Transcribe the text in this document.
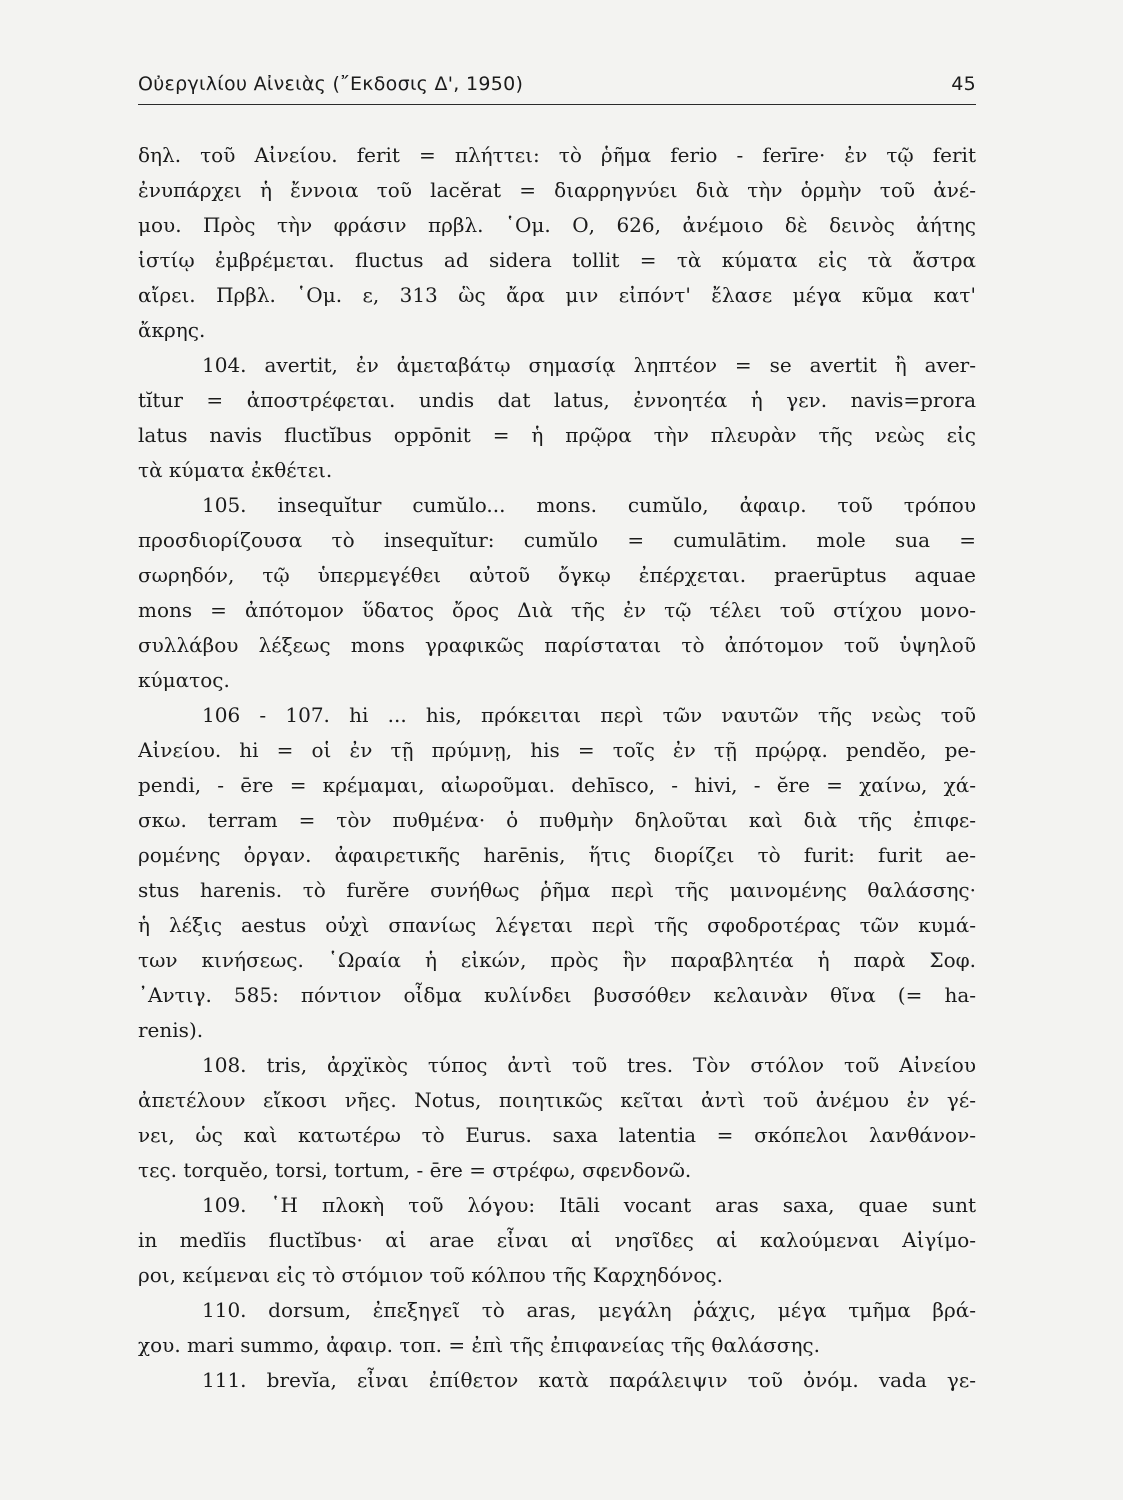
Οὐεργιλίου Αἰνειὰς (῎Εκδοσις Δ', 1950)	45
δηλ. τοῦ Αἰνείου. ferit = πλήττει: τὸ ῥῆμα ferio - ferīre· ἐν τῷ ferit
ἐνυπάρχει ἡ ἔννοια τοῦ lacĕrat = διαρρηγνύει διὰ τὴν ὁρμὴν τοῦ ἀνέ-
μου. Πρὸς τὴν φράσιν πρβλ. ῾Ομ. Ο, 626, ἀνέμοιο δὲ δεινὸς ἀήτης
ἱστίῳ ἐμβρέμεται. fluctus ad sidera tollit = τὰ κύματα εἰς τὰ ἄστρα
αἴρει. Πρβλ. ῾Ομ. ε, 313 ὣς ἄρα μιν εἰπόντ' ἔλασε μέγα κῦμα κατ'
ἄκρης.
104. avertit, ἐν ἀμεταβάτῳ σημασίᾳ ληπτέον = se avertit ἢ aver-
tĭtur = ἀποστρέφεται. undis dat latus, ἐννοητέα ἡ γεν. navis=prora
latus navis fluctĭbus oppōnit = ἡ πρῷρα τὴν πλευρὰν τῆς νεὼς εἰς
τὰ κύματα ἐκθέτει.
105. insequĭtur cumŭlo... mons. cumŭlo, ἀφαιρ. τοῦ τρόπου
προσδιορίζουσα τὸ insequĭtur: cumŭlo = cumulātim. mole sua =
σωρηδόν, τῷ ὑπερμεγέθει αὐτοῦ ὄγκῳ ἐπέρχεται. praerūptus aquae
mons = ἀπότομον ὕδατος ὄρος Διὰ τῆς ἐν τῷ τέλει τοῦ στίχου μονο-
συλλάβου λέξεως mons γραφικῶς παρίσταται τὸ ἀπότομον τοῦ ὑψηλοῦ
κύματος.
106 - 107. hi ... his, πρόκειται περὶ τῶν ναυτῶν τῆς νεὼς τοῦ
Αἰνείου. hi = οἱ ἐν τῇ πρύμνῃ, his = τοῖς ἐν τῇ πρῴρᾳ. pendĕo, pe-
pendi, - ēre = κρέμαμαι, αἰωροῦμαι. dehīsco, - hivi, - ĕre = χαίνω, χά-
σκω. terram = τὸν πυθμένα· ὁ πυθμὴν δηλοῦται καὶ διὰ τῆς ἐπιφε-
ρομένης ὀργαν. ἀφαιρετικῆς harēnis, ἥτις διορίζει τὸ furit: furit ae-
stus harenis. τὸ furĕre συνήθως ῥῆμα περὶ τῆς μαινομένης θαλάσσης·
ἡ λέξις aestus οὐχὶ σπανίως λέγεται περὶ τῆς σφοδροτέρας τῶν κυμά-
των κινήσεως. ῾Ωραία ἡ εἰκών, πρὸς ἣν παραβλητέα ἡ παρὰ Σοφ.
᾿Αντιγ. 585: πόντιον οἶδμα κυλίνδει βυσσόθεν κελαινὰν θῖνα (= ha-
renis).
108. tris, ἀρχϊκὸς τύπος ἀντὶ τοῦ tres. Τὸν στόλον τοῦ Αἰνείου
ἀπετέλουν εἴκοσι νῆες. Notus, ποιητικῶς κεῖται ἀντὶ τοῦ ἀνέμου ἐν γέ-
νει, ὡς καὶ κατωτέρω τὸ Eurus. saxa latentia = σκόπελοι λανθάνον-
τες. torquĕo, torsi, tortum, - ēre = στρέφω, σφενδονῶ.
109. ῾Η πλοκὴ τοῦ λόγου: Itāli vocant aras saxa, quae sunt
in medĭis fluctĭbus· αἱ arae εἶναι αἱ νησῖδες αἱ καλούμεναι Αἰγίμο-
ροι, κείμεναι εἰς τὸ στόμιον τοῦ κόλπου τῆς Καρχηδόνος.
110. dorsum, ἐπεξηγεῖ τὸ aras, μεγάλη ῥάχις, μέγα τμῆμα βρά-
χου. mari summo, ἀφαιρ. τοπ. = ἐπὶ τῆς ἐπιφανείας τῆς θαλάσσης.
111. brevĭa, εἶναι ἐπίθετον κατὰ παράλειψιν τοῦ ὀνόμ. vada γε-
